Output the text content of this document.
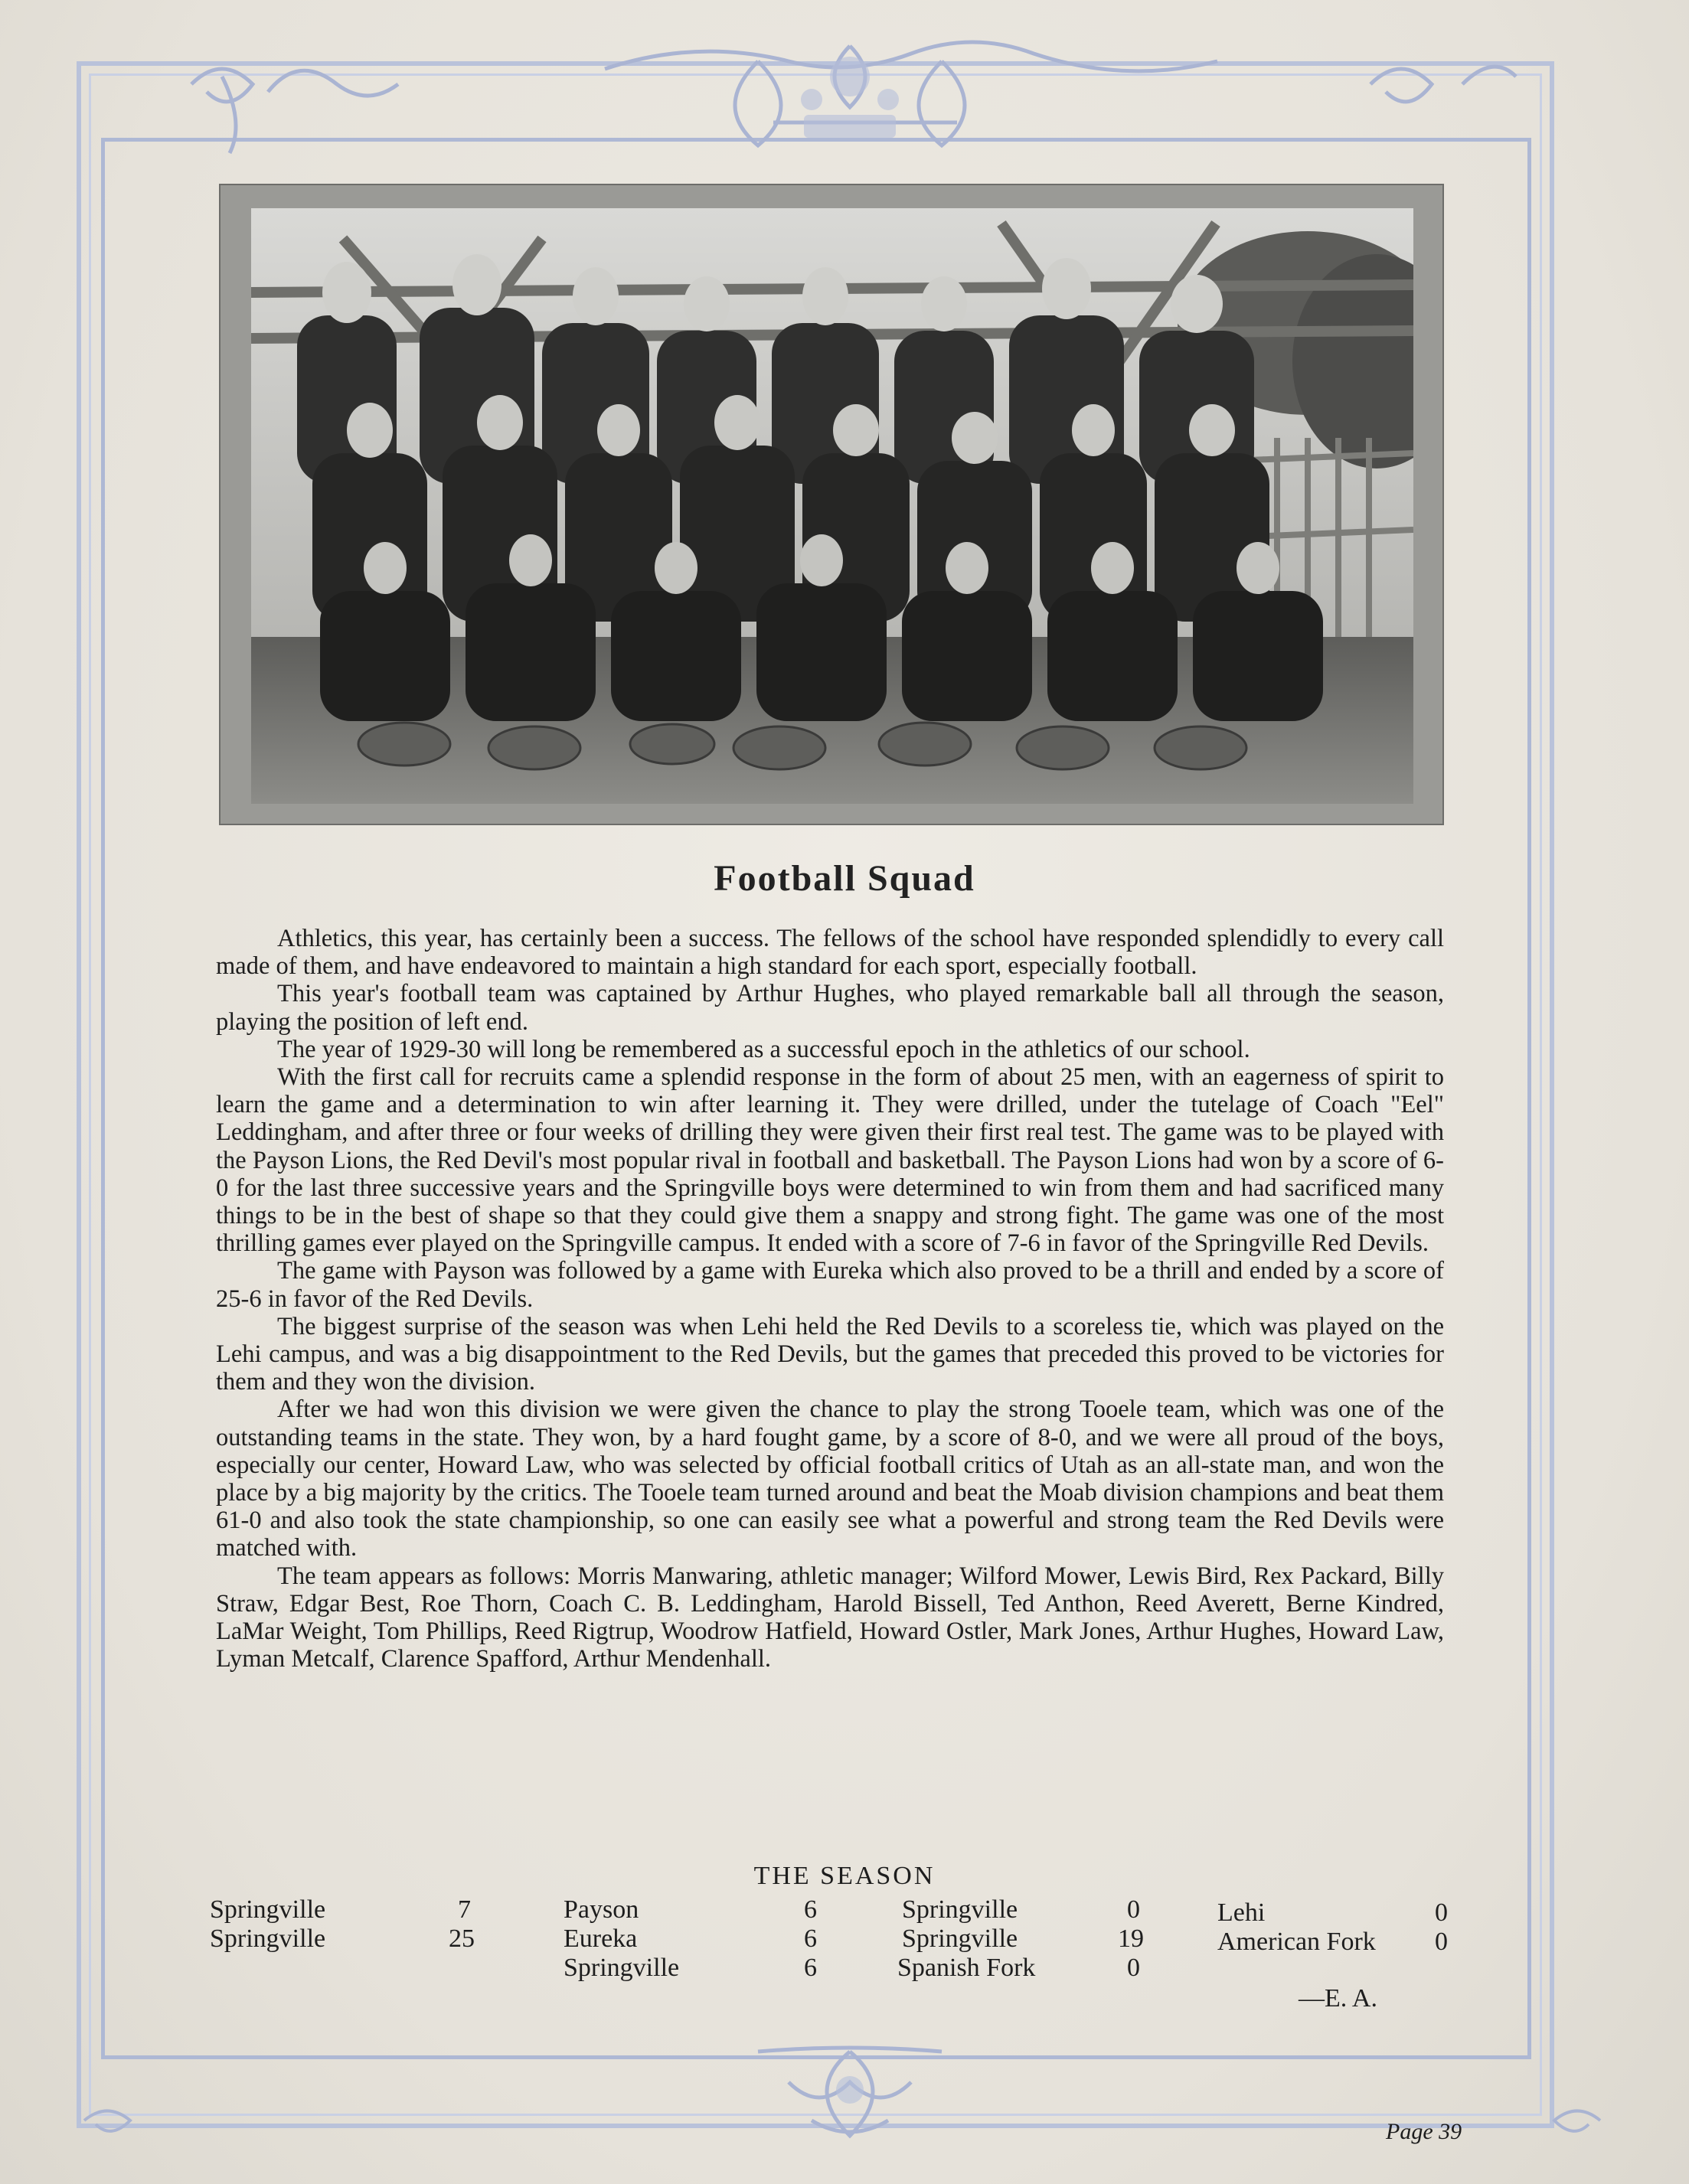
Football Squad

Athletics, this year, has certainly been a success. The fellows of the school have responded splendidly to every call made of them, and have endeavored to maintain a high standard for each sport, especially football.

This year's football team was captained by Arthur Hughes, who played remarkable ball all through the season, playing the position of left end.

The year of 1929-30 will long be remembered as a successful epoch in the athletics of our school.

With the first call for recruits came a splendid response in the form of about 25 men, with an eagerness of spirit to learn the game and a determination to win after learning it. They were drilled, under the tutelage of Coach "Eel" Leddingham, and after three or four weeks of drilling they were given their first real test. The game was to be played with the Payson Lions, the Red Devil's most popular rival in football and basketball. The Payson Lions had won by a score of 6-0 for the last three successive years and the Springville boys were determined to win from them and had sacrificed many things to be in the best of shape so that they could give them a snappy and strong fight. The game was one of the most thrilling games ever played on the Springville campus. It ended with a score of 7-6 in favor of the Springville Red Devils.

The game with Payson was followed by a game with Eureka which also proved to be a thrill and ended by a score of 25-6 in favor of the Red Devils.

The biggest surprise of the season was when Lehi held the Red Devils to a scoreless tie, which was played on the Lehi campus, and was a big disappointment to the Red Devils, but the games that preceded this proved to be victories for them and they won the division.

After we had won this division we were given the chance to play the strong Tooele team, which was one of the outstanding teams in the state. They won, by a hard fought game, by a score of 8-0, and we were all proud of the boys, especially our center, Howard Law, who was selected by official football critics of Utah as an all-state man, and won the place by a big majority by the critics. The Tooele team turned around and beat the Moab division champions and beat them 61-0 and also took the state championship, so one can easily see what a powerful and strong team the Red Devils were matched with.

The team appears as follows: Morris Manwaring, athletic manager; Wilford Mower, Lewis Bird, Rex Packard, Billy Straw, Edgar Best, Roe Thorn, Coach C. B. Leddingham, Harold Bissell, Ted Anthon, Reed Averett, Berne Kindred, LaMar Weight, Tom Phillips, Reed Rigtrup, Woodrow Hatfield, Howard Ostler, Mark Jones, Arthur Hughes, Howard Law, Lyman Metcalf, Clarence Spafford, Arthur Mendenhall.

THE SEASON
Springville	7
Springville	25
Payson	6
Eureka	6
Springville	6
Springville	0
Springville	19
Spanish Fork	0
Lehi	0
American Fork 0
—E. A.
Page 39
